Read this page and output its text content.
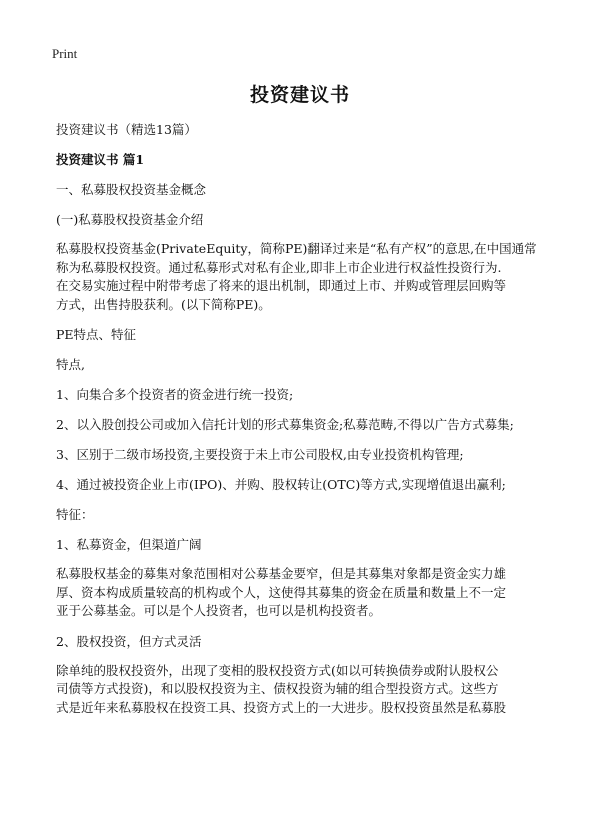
Print
投资建议书
投资建议书（精选13篇）
投资建议书 篇1
一、私募股权投资基金概念
(一)私募股权投资基金介绍
私募股权投资基金(PrivateEquity，简称PE)翻译过来是“私有产权”的意思,在中国通常
称为私募股权投资。通过私募形式对私有企业,即非上市企业进行权益性投资行为.
在交易实施过程中附带考虑了将来的退出机制，即通过上市、并购或管理层回购等
方式，出售持股获利。(以下简称PE)。
PE特点、特征
特点,
1、向集合多个投资者的资金进行统一投资;
2、以入股创投公司或加入信托计划的形式募集资金;私募范畴,不得以广告方式募集;
3、区别于二级市场投资,主要投资于未上市公司股权,由专业投资机构管理;
4、通过被投资企业上市(IPO)、并购、股权转让(OTC)等方式,实现增值退出赢利;
特征：
1、私募资金，但渠道广阔
私募股权基金的募集对象范围相对公募基金要窄，但是其募集对象都是资金实力雄
厚、资本构成质量较高的机构或个人，这使得其募集的资金在质量和数量上不一定
亚于公募基金。可以是个人投资者，也可以是机构投资者。
2、股权投资，但方式灵活
除单纯的股权投资外，出现了变相的股权投资方式(如以可转换债券或附认股权公
司债等方式投资)，和以股权投资为主、债权投资为辅的组合型投资方式。这些方
式是近年来私募股权在投资工具、投资方式上的一大进步。股权投资虽然是私募股
